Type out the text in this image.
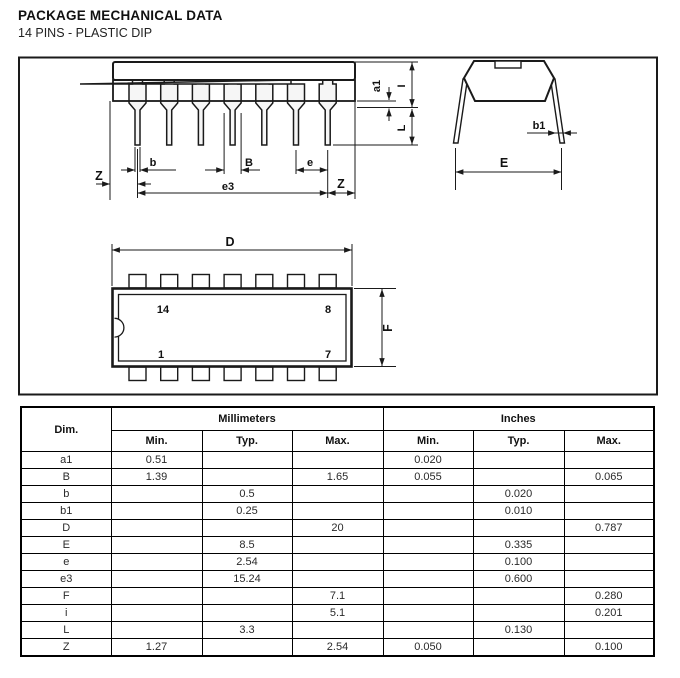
PACKAGE MECHANICAL DATA
14 PINS - PLASTIC DIP
a1 I
L
Z
b	B	e
e3	Z
b1
E
D
F
14	8
1	7
Dim.	Millimeters			Inches		
	Min.	Typ.	Max.	Min.	Typ.	Max.
a1	0.51			0.020		
B	1.39		1.65	0.055		0.065
b		0.5			0.020	
b1		0.25			0.010	
D			20			0.787
E		8.5			0.335	
e		2.54			0.100	
e3		15.24			0.600	
F			7.1			0.280
i			5.1			0.201
L		3.3			0.130	
Z	1.27		2.54	0.050		0.100
